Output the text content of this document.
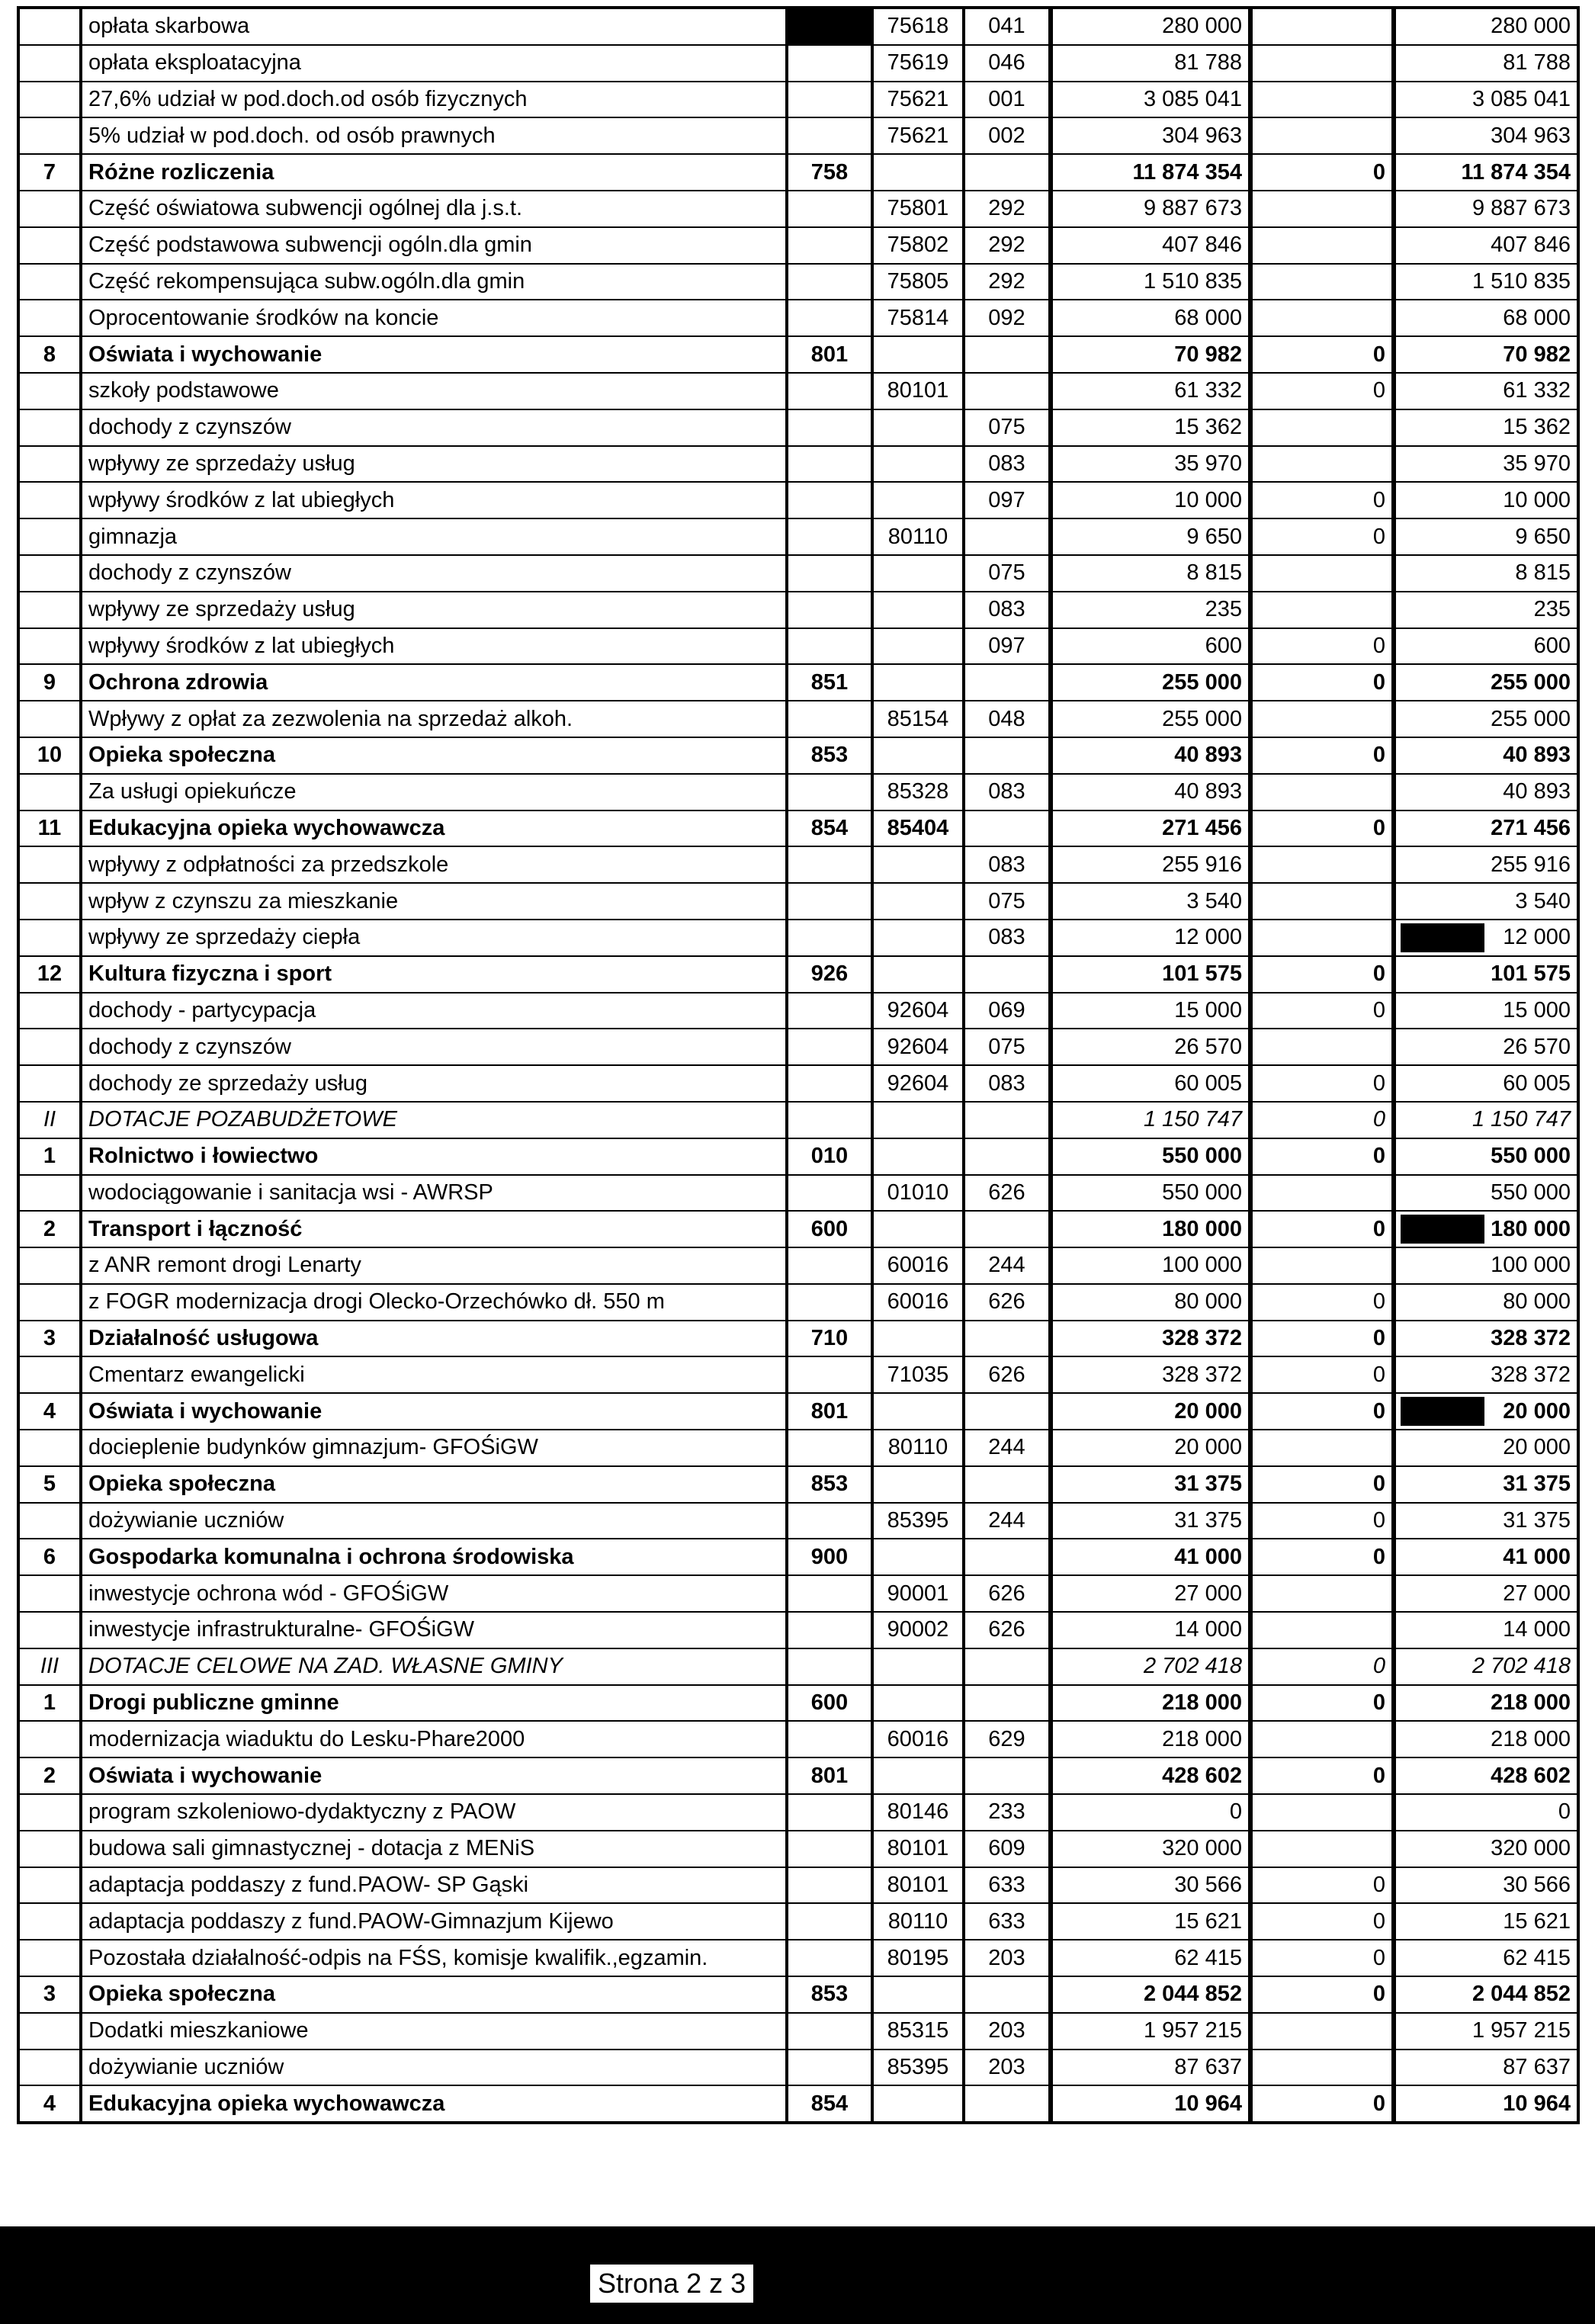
	opłata skarbowa		75618	041	280 000		280 000
	opłata eksploatacyjna		75619	046	81 788		81 788
	27,6% udział w pod.doch.od osób fizycznych		75621	001	3 085 041		3 085 041
	5% udział w pod.doch. od osób prawnych		75621	002	304 963		304 963
7	Różne rozliczenia	758			11 874 354	0	11 874 354
	Część oświatowa subwencji ogólnej dla j.s.t.		75801	292	9 887 673		9 887 673
	Część podstawowa subwencji ogóln.dla gmin		75802	292	407 846		407 846
	Część rekompensująca subw.ogóln.dla gmin		75805	292	1 510 835		1 510 835
	Oprocentowanie środków na koncie		75814	092	68 000		68 000
8	Oświata i wychowanie	801			70 982	0	70 982
	szkoły podstawowe		80101		61 332	0	61 332
	dochody z czynszów			075	15 362		15 362
	wpływy ze sprzedaży usług			083	35 970		35 970
	wpływy środków z lat ubiegłych			097	10 000	0	10 000
	gimnazja		80110		9 650	0	9 650
	dochody z czynszów			075	8 815		8 815
	wpływy ze sprzedaży usług			083	235		235
	wpływy środków z lat ubiegłych			097	600	0	600
9	Ochrona zdrowia	851			255 000	0	255 000
	Wpływy z opłat za zezwolenia na sprzedaż alkoh.		85154	048	255 000		255 000
10	Opieka społeczna	853			40 893	0	40 893
	Za usługi opiekuńcze		85328	083	40 893		40 893
11	Edukacyjna opieka wychowawcza	854	85404		271 456	0	271 456
	wpływy z odpłatności za przedszkole			083	255 916		255 916
	wpływ z czynszu za mieszkanie			075	3 540		3 540
	wpływy ze sprzedaży ciepła			083	12 000		12 000
12	Kultura fizyczna i sport	926			101 575	0	101 575
	dochody - partycypacja		92604	069	15 000	0	15 000
	dochody z czynszów		92604	075	26 570		26 570
	dochody ze sprzedaży usług		92604	083	60 005	0	60 005
II	DOTACJE POZABUDŻETOWE				1 150 747	0	1 150 747
1	Rolnictwo i łowiectwo	010			550 000	0	550 000
	wodociągowanie i sanitacja wsi - AWRSP		01010	626	550 000		550 000
2	Transport i łączność	600			180 000	0	180 000
	z ANR remont drogi Lenarty		60016	244	100 000		100 000
	z FOGR modernizacja drogi Olecko-Orzechówko dł. 550 m		60016	626	80 000	0	80 000
3	Działalność usługowa	710			328 372	0	328 372
	Cmentarz ewangelicki		71035	626	328 372	0	328 372
4	Oświata i wychowanie	801			20 000	0	20 000
	docieplenie budynków gimnazjum- GFOŚiGW		80110	244	20 000		20 000
5	Opieka społeczna	853			31 375	0	31 375
	dożywianie uczniów		85395	244	31 375	0	31 375
6	Gospodarka komunalna i ochrona środowiska	900			41 000	0	41 000
	inwestycje ochrona wód - GFOŚiGW		90001	626	27 000		27 000
	inwestycje infrastrukturalne- GFOŚiGW		90002	626	14 000		14 000
III	DOTACJE CELOWE NA ZAD. WŁASNE GMINY				2 702 418	0	2 702 418
1	Drogi publiczne gminne	600			218 000	0	218 000
	modernizacja wiaduktu do Lesku-Phare2000		60016	629	218 000		218 000
2	Oświata i wychowanie	801			428 602	0	428 602
	program szkoleniowo-dydaktyczny z PAOW		80146	233	0		0
	budowa sali gimnastycznej - dotacja z MENiS		80101	609	320 000		320 000
	adaptacja poddaszy z fund.PAOW- SP Gąski		80101	633	30 566	0	30 566
	adaptacja poddaszy z fund.PAOW-Gimnazjum Kijewo		80110	633	15 621	0	15 621
	Pozostała działalność-odpis na FŚS, komisje kwalifik.,egzamin.		80195	203	62 415	0	62 415
3	Opieka społeczna	853			2 044 852	0	2 044 852
	Dodatki mieszkaniowe		85315	203	1 957 215		1 957 215
	dożywianie uczniów		85395	203	87 637		87 637
4	Edukacyjna opieka wychowawcza	854			10 964	0	10 964
Strona 2 z 3
